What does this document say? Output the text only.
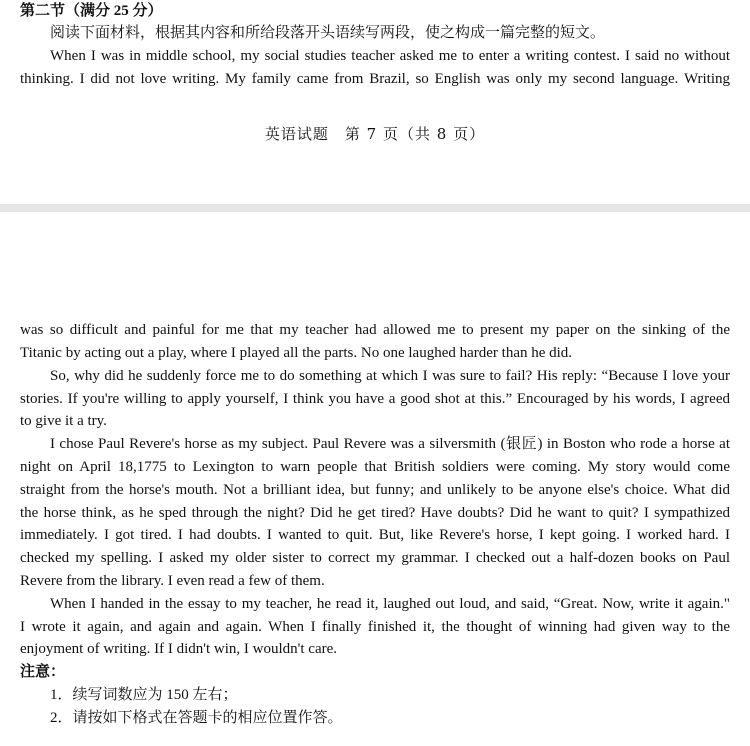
第二节（满分 25 分）
阅读下面材料，根据其内容和所给段落开头语续写两段，使之构成一篇完整的短文。
When I was in middle school, my social studies teacher asked me to enter a writing contest. I said no without
thinking. I did not love writing. My family came from Brazil, so English was only my second language. Writing
英语试题　第 7 页（共 8 页）
was so difficult and painful for me that my teacher had allowed me to present my paper on the sinking of the
Titanic by acting out a play, where I played all the parts. No one laughed harder than he did.
So, why did he suddenly force me to do something at which I was sure to fail? His reply: “Because I love your
stories. If you're willing to apply yourself, I think you have a good shot at this.” Encouraged by his words, I agreed
to give it a try.
I chose Paul Revere's horse as my subject. Paul Revere was a silversmith (银匠) in Boston who rode a horse at
night on April 18,1775 to Lexington to warn people that British soldiers were coming. My story would come
straight from the horse's mouth. Not a brilliant idea, but funny; and unlikely to be anyone else's choice. What did
the horse think, as he sped through the night? Did he get tired? Have doubts? Did he want to quit? I sympathized
immediately. I got tired. I had doubts. I wanted to quit. But, like Revere's horse, I kept going. I worked hard. I
checked my spelling. I asked my older sister to correct my grammar. I checked out a half-dozen books on Paul
Revere from the library. I even read a few of them.
When I handed in the essay to my teacher, he read it, laughed out loud, and said, “Great. Now, write it again."
I wrote it again, and again and again. When I finally finished it, the thought of winning had given way to the
enjoyment of writing. If I didn't win, I wouldn't care.
注意：
1．续写词数应为 150 左右；
2．请按如下格式在答题卡的相应位置作答。
